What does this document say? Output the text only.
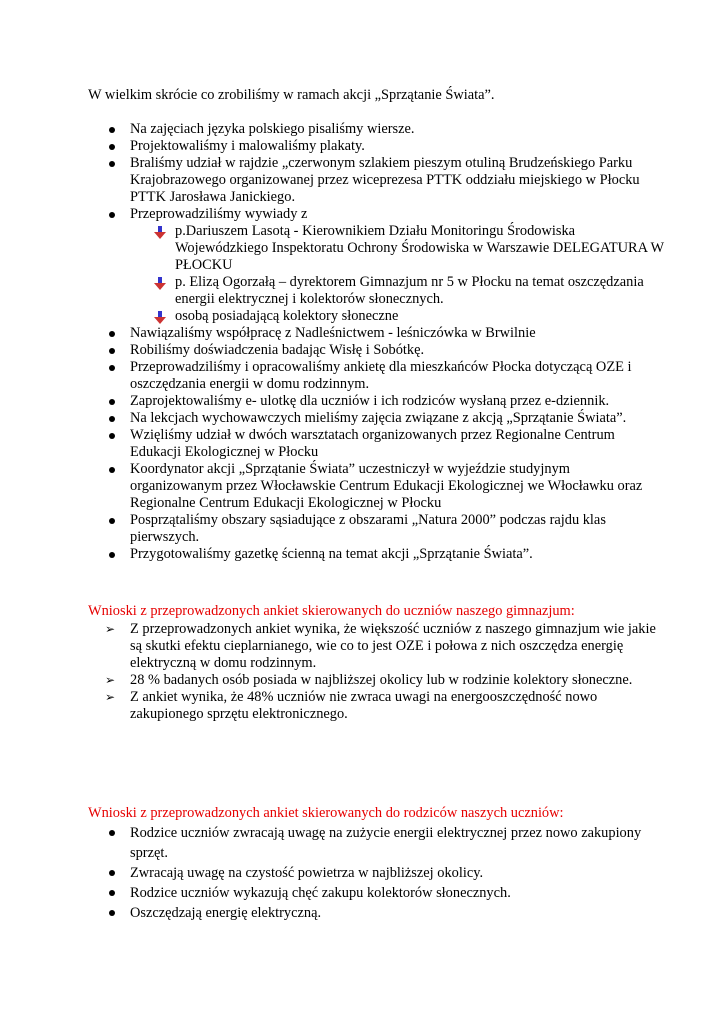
W wielkim skrócie co zrobiliśmy w ramach akcji „Sprzątanie Świata”.
Na zajęciach języka polskiego pisaliśmy wiersze.
Projektowaliśmy i malowaliśmy plakaty.
Braliśmy udział w rajdzie „czerwonym szlakiem pieszym otuliną Brudzeńskiego Parku Krajobrazowego organizowanej przez wiceprezesa PTTK oddziału miejskiego w Płocku PTTK Jarosława Janickiego.
Przeprowadziliśmy wywiady z
p.Dariuszem Lasotą - Kierownikiem Działu Monitoringu Środowiska Wojewódzkiego Inspektoratu Ochrony Środowiska w Warszawie DELEGATURA W PŁOCKU
p. Elizą Ogorzałą – dyrektorem Gimnazjum nr 5 w Płocku na temat oszczędzania energii elektrycznej i kolektorów słonecznych.
osobą posiadającą kolektory słoneczne
Nawiązaliśmy współpracę z Nadleśnictwem - leśniczówka w Brwilnie
Robiliśmy doświadczenia badając Wisłę i Sobótkę.
Przeprowadziliśmy i opracowaliśmy ankietę dla mieszkańców Płocka dotyczącą OZE i oszczędzania energii w domu rodzinnym.
Zaprojektowaliśmy e- ulotkę dla uczniów i ich rodziców wysłaną przez e-dziennik.
Na lekcjach wychowawczych mieliśmy zajęcia związane z akcją „Sprzątanie Świata”.
Wzięliśmy udział w dwóch warsztatach organizowanych przez Regionalne Centrum Edukacji Ekologicznej w Płocku
Koordynator akcji „Sprzątanie Świata” uczestniczył w wyjeździe studyjnym organizowanym przez Włocławskie Centrum Edukacji Ekologicznej we Włocławku oraz Regionalne Centrum Edukacji Ekologicznej w Płocku
Posprzątaliśmy obszary sąsiadujące z obszarami „Natura 2000” podczas rajdu klas pierwszych.
Przygotowaliśmy gazetkę ścienną na temat akcji „Sprzątanie Świata”.
Wnioski z przeprowadzonych ankiet skierowanych do uczniów naszego gimnazjum:
➢ Z przeprowadzonych ankiet wynika, że większość uczniów z naszego gimnazjum wie jakie są skutki efektu cieplarnianego, wie co to jest OZE i połowa z nich oszczędza energię elektryczną w domu rodzinnym.
➢ 28 % badanych osób posiada w najbliższej okolicy lub w rodzinie kolektory słoneczne.
➢ Z ankiet wynika, że 48% uczniów nie zwraca uwagi na energooszczędność nowo zakupionego sprzętu elektronicznego.
Wnioski z przeprowadzonych ankiet skierowanych do rodziców naszych uczniów:
Rodzice uczniów zwracają uwagę na zużycie energii elektrycznej przez nowo zakupiony sprzęt.
Zwracają uwagę na czystość powietrza w najbliższej okolicy.
Rodzice uczniów wykazują chęć zakupu kolektorów słonecznych.
Oszczędzają energię elektryczną.
